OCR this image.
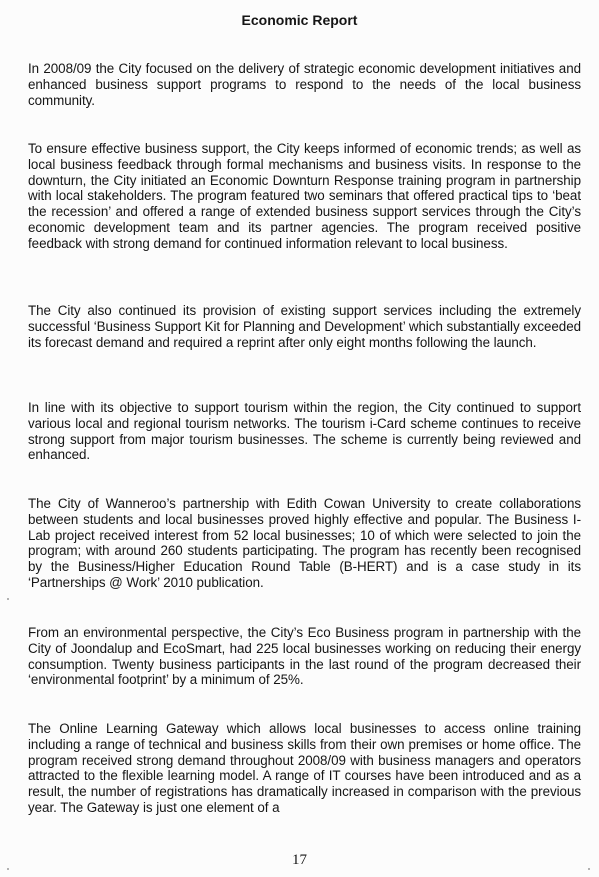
Economic Report

In 2008/09 the City focused on the delivery of strategic economic development initiatives and enhanced business support programs to respond to the needs of the local business community.

To ensure effective business support, the City keeps informed of economic trends; as well as local business feedback through formal mechanisms and business visits. In response to the downturn, the City initiated an Economic Downturn Response training program in partnership with local stakeholders. The program featured two seminars that offered practical tips to ‘beat the recession’ and offered a range of extended business support services through the City’s economic development team and its partner agencies. The program received positive feedback with strong demand for continued information relevant to local business.

The City also continued its provision of existing support services including the extremely successful ‘Business Support Kit for Planning and Development’ which substantially exceeded its forecast demand and required a reprint after only eight months following the launch.

In line with its objective to support tourism within the region, the City continued to support various local and regional tourism networks. The tourism i-Card scheme continues to receive strong support from major tourism businesses. The scheme is currently being reviewed and enhanced.

The City of Wanneroo’s partnership with Edith Cowan University to create collaborations between students and local businesses proved highly effective and popular. The Business I-Lab project received interest from 52 local businesses; 10 of which were selected to join the program; with around 260 students participating. The program has recently been recognised by the Business/Higher Education Round Table (B-HERT) and is a case study in its ‘Partnerships @ Work’ 2010 publication.

From an environmental perspective, the City’s Eco Business program in partnership with the City of Joondalup and EcoSmart, had 225 local businesses working on reducing their energy consumption. Twenty business participants in the last round of the program decreased their ‘environmental footprint’ by a minimum of 25%.

The Online Learning Gateway which allows local businesses to access online training including a range of technical and business skills from their own premises or home office. The program received strong demand throughout 2008/09 with business managers and operators attracted to the flexible learning model. A range of IT courses have been introduced and as a result, the number of registrations has dramatically increased in comparison with the previous year. The Gateway is just one element of a

17
